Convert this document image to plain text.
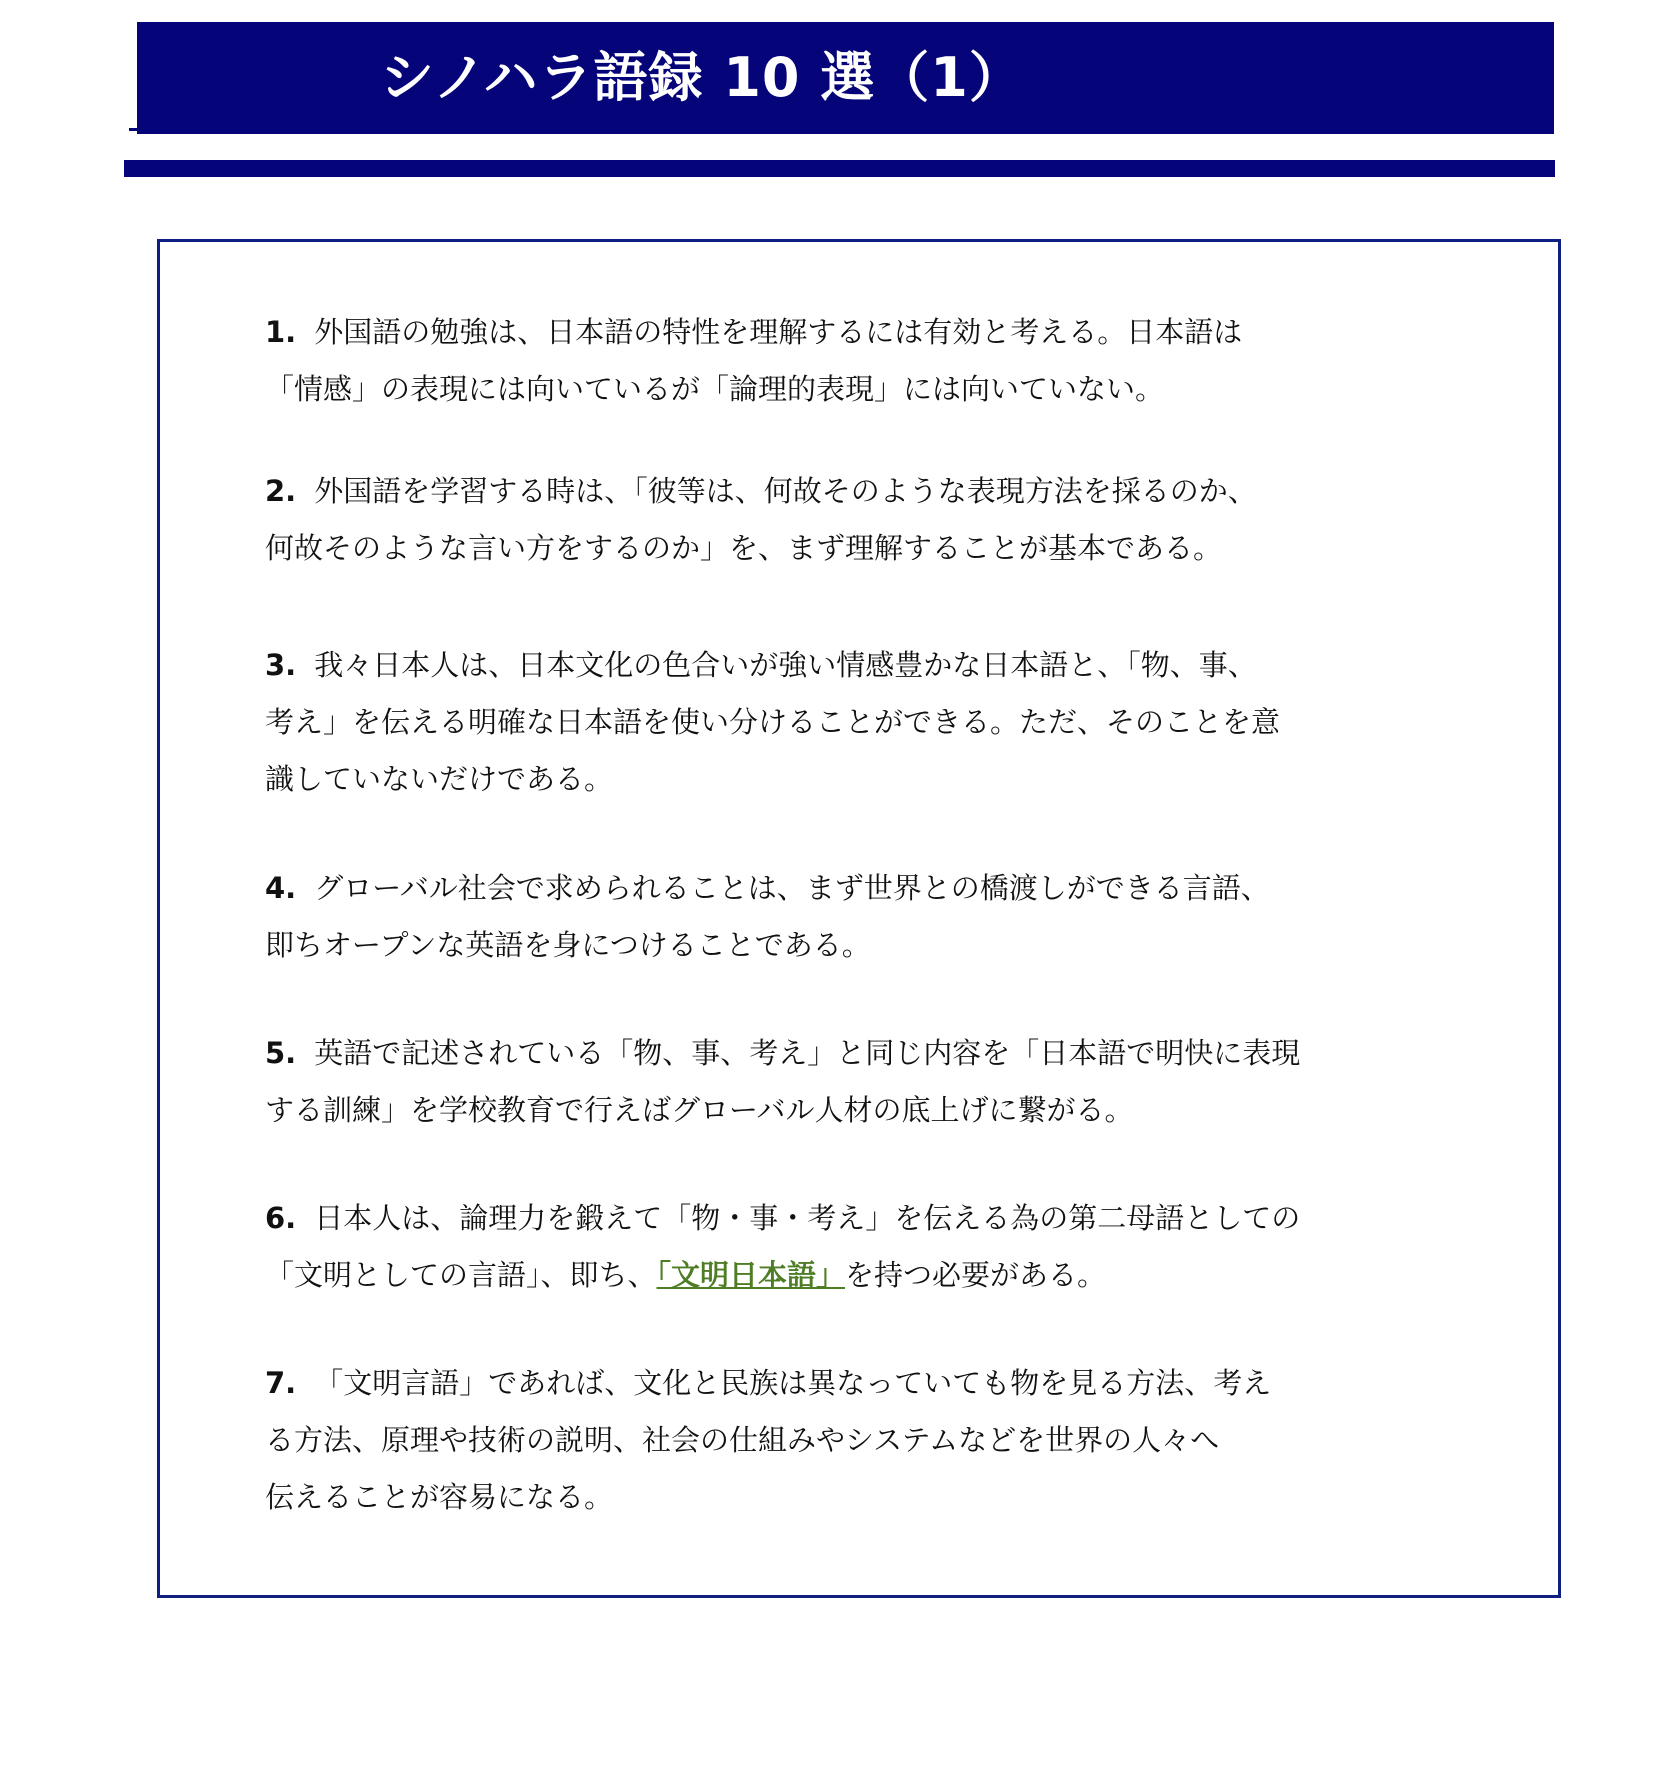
シノハラ語録 10 選（1）

1. 外国語の勉強は、日本語の特性を理解するには有効と考える。日本語は

「情感」の表現には向いているが「論理的表現」には向いていない。

2. 外国語を学習する時は、「彼等は、何故そのような表現方法を採るのか、

何故そのような言い方をするのか」を、まず理解することが基本である。

3. 我々日本人は、日本文化の色合いが強い情感豊かな日本語と、「物、事、

考え」を伝える明確な日本語を使い分けることができる。ただ、そのことを意

識していないだけである。

4. グローバル社会で求められることは、まず世界との橋渡しができる言語、

即ちオープンな英語を身につけることである。

5. 英語で記述されている「物、事、考え」と同じ内容を「日本語で明快に表現

する訓練」を学校教育で行えばグローバル人材の底上げに繋がる。

6. 日本人は、論理力を鍛えて「物・事・考え」を伝える為の第二母語としての

「文明としての言語」、即ち、「文明日本語」を持つ必要がある。

7. 「文明言語」であれば、文化と民族は異なっていても物を見る方法、考え

る方法、原理や技術の説明、社会の仕組みやシステムなどを世界の人々へ

伝えることが容易になる。
